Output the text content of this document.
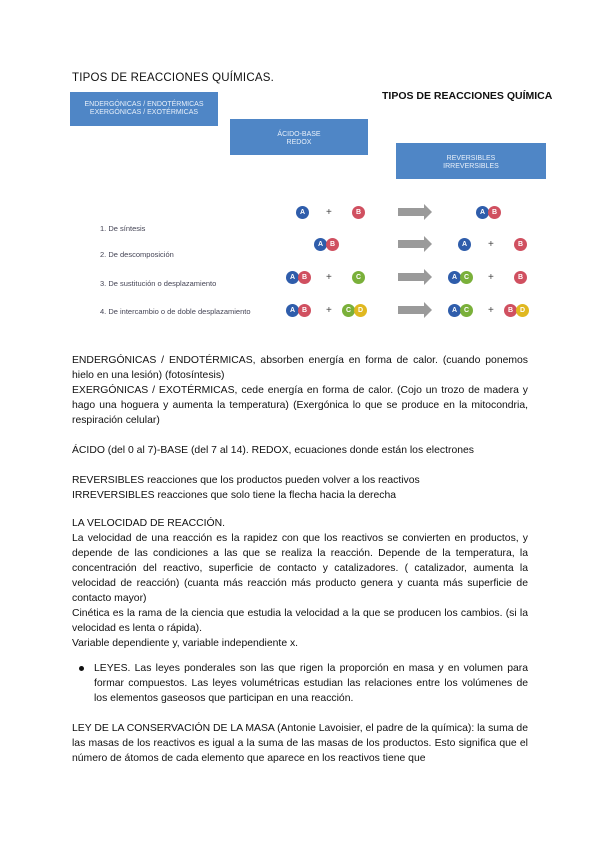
TIPOS DE REACCIONES QUÍMICAS.
TIPOS DE REACCIONES QUÍMICA
ENDERGÓNICAS / ENDOTÉRMICAS
EXERGÓNICAS / EXOTÉRMICAS
ÁCIDO-BASE
REDOX
REVERSIBLES
IRREVERSIBLES
1. De síntesis
2. De descomposición
3. De sustitución o desplazamiento
4. De intercambio o de doble desplazamiento
A	+	B	A B
A B	A	+	B
A B	+	C	A C	+	B
A B	+	C D	A C	+	B D

ENDERGÓNICAS / ENDOTÉRMICAS, absorben energía en forma de calor. (cuando ponemos hielo en una lesión) (fotosíntesis)

EXERGÓNICAS / EXOTÉRMICAS, cede energía en forma de calor. (Cojo un trozo de madera y hago una hoguera y aumenta la temperatura) (Exergónica lo que se produce en la mitocondria, respiración celular)

ÁCIDO (del 0 al 7)-BASE (del 7 al 14). REDOX, ecuaciones donde están los electrones

REVERSIBLES reacciones que los productos pueden volver a los reactivos

IRREVERSIBLES reacciones que solo tiene la flecha hacia la derecha

LA VELOCIDAD DE REACCIÓN.

La velocidad de una reacción es la rapidez con que los reactivos se convierten en productos, y depende de las condiciones a las que se realiza la reacción. Depende de la temperatura, la concentración del reactivo, superficie de contacto y catalizadores. ( catalizador, aumenta la velocidad de reacción) (cuanta más reacción más producto genera y cuanta más superficie de contacto mayor)

Cinética es la rama de la ciencia que estudia la velocidad a la que se producen los cambios. (si la velocidad es lenta o rápida).

Variable dependiente y, variable independiente x.

LEYES. Las leyes ponderales son las que rigen la proporción en masa y en volumen para formar compuestos. Las leyes volumétricas estudian las relaciones entre los volúmenes de los elementos gaseosos que participan en una reacción.

LEY DE LA CONSERVACIÓN DE LA MASA (Antonie Lavoisier, el padre de la química): la suma de las masas de los reactivos es igual a la suma de las masas de los productos. Esto significa que el número de átomos de cada elemento que aparece en los reactivos tiene que
